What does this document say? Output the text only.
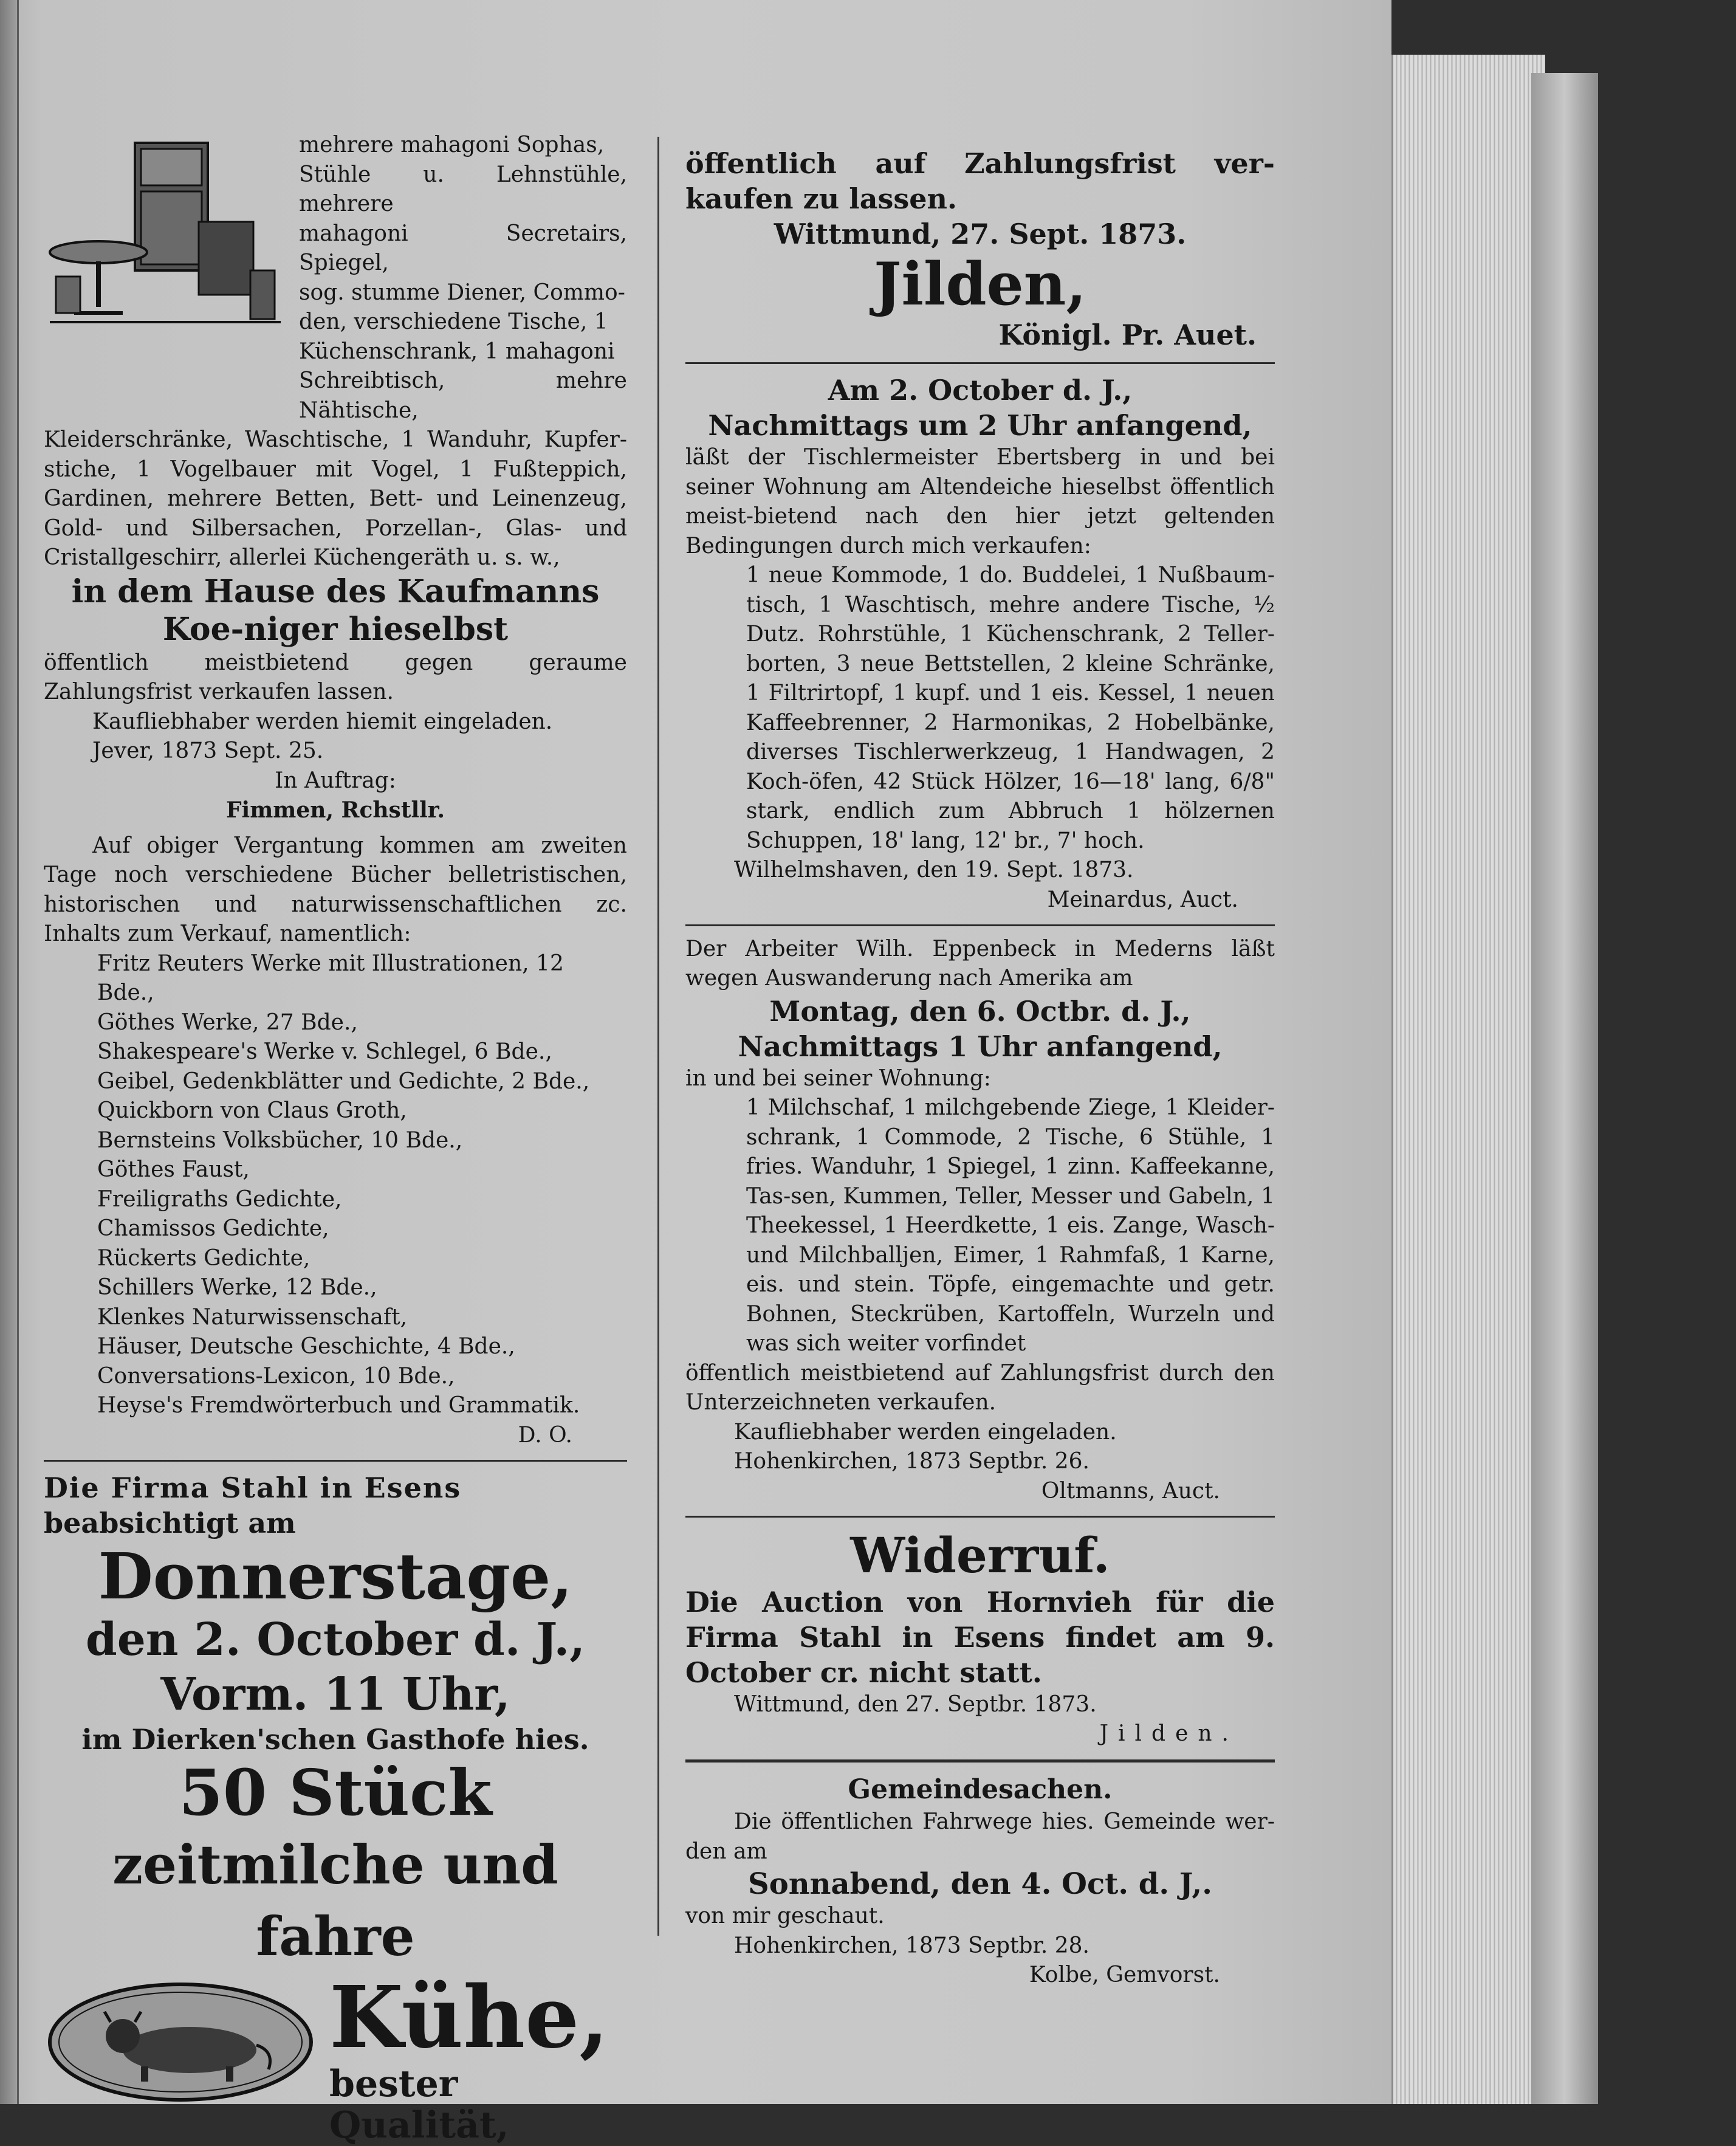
mehrere mahagoni Sophas,

Stühle u. Lehnstühle, mehrere

mahagoni Secretairs, Spiegel,

sog. stumme Diener, Commo-

den, verschiedene Tische, 1

Küchenschrank, 1 mahagoni

Schreibtisch, mehre Nähtische,

Kleiderschränke, Waschtische, 1 Wanduhr, Kupfer-stiche, 1 Vogelbauer mit Vogel, 1 Fußteppich, Gardinen, mehrere Betten, Bett- und Leinenzeug, Gold- und Silbersachen, Porzellan-, Glas- und Cristallgeschirr, allerlei Küchengeräth u. s. w.,

in dem Hause des Kaufmanns Koe-niger hieselbst

öffentlich meistbietend gegen geraume Zahlungsfrist verkaufen lassen.

Kaufliebhaber werden hiemit eingeladen.

Jever, 1873 Sept. 25.

In Auftrag:

Fimmen, Rchstllr.

Auf obiger Vergantung kommen am zweiten Tage noch verschiedene Bücher belletristischen, historischen und naturwissenschaftlichen zc. Inhalts zum Verkauf, namentlich:

Fritz Reuters Werke mit Illustrationen, 12 Bde.,

Göthes Werke, 27 Bde.,

Shakespeare's Werke v. Schlegel, 6 Bde.,

Geibel, Gedenkblätter und Gedichte, 2 Bde.,

Quickborn von Claus Groth,

Bernsteins Volksbücher, 10 Bde.,

Göthes Faust,

Freiligraths Gedichte,

Chamissos Gedichte,

Rückerts Gedichte,

Schillers Werke, 12 Bde.,

Klenkes Naturwissenschaft,

Häuser, Deutsche Geschichte, 4 Bde.,

Conversations-Lexicon, 10 Bde.,

Heyse's Fremdwörterbuch und Grammatik.

D. O.

Die Firma Stahl in Esens

beabsichtigt am

Donnerstage,

den 2. October d. J.,

Vorm. 11 Uhr,

im Dierken'schen Gasthofe hies.

50 Stück

zeitmilche und fahre

Kühe,

bester Qualität,

öffentlich auf Zahlungsfrist ver-kaufen zu lassen.

Wittmund, 27. Sept. 1873.

Jilden,

Königl. Pr. Auet.

Am 2. October d. J.,

Nachmittags um 2 Uhr anfangend,

läßt der Tischlermeister Ebertsberg in und bei seiner Wohnung am Altendeiche hieselbst öffentlich meist-bietend nach den hier jetzt geltenden Bedingungen durch mich verkaufen:

1 neue Kommode, 1 do. Buddelei, 1 Nußbaum-tisch, 1 Waschtisch, mehre andere Tische, ½ Dutz. Rohrstühle, 1 Küchenschrank, 2 Teller-borten, 3 neue Bettstellen, 2 kleine Schränke, 1 Filtrirtopf, 1 kupf. und 1 eis. Kessel, 1 neuen Kaffeebrenner, 2 Harmonikas, 2 Hobelbänke, diverses Tischlerwerkzeug, 1 Handwagen, 2 Koch-öfen, 42 Stück Hölzer, 16—18' lang, 6/8" stark, endlich zum Abbruch 1 hölzernen Schuppen, 18' lang, 12' br., 7' hoch.

Wilhelmshaven, den 19. Sept. 1873.

Meinardus, Auct.

Der Arbeiter Wilh. Eppenbeck in Mederns läßt wegen Auswanderung nach Amerika am

Montag, den 6. Octbr. d. J.,

Nachmittags 1 Uhr anfangend,

in und bei seiner Wohnung:

1 Milchschaf, 1 milchgebende Ziege, 1 Kleider-schrank, 1 Commode, 2 Tische, 6 Stühle, 1 fries. Wanduhr, 1 Spiegel, 1 zinn. Kaffeekanne, Tas-sen, Kummen, Teller, Messer und Gabeln, 1 Theekessel, 1 Heerdkette, 1 eis. Zange, Wasch- und Milchballjen, Eimer, 1 Rahmfaß, 1 Karne, eis. und stein. Töpfe, eingemachte und getr. Bohnen, Steckrüben, Kartoffeln, Wurzeln und was sich weiter vorfindet

öffentlich meistbietend auf Zahlungsfrist durch den Unterzeichneten verkaufen.

Kaufliebhaber werden eingeladen.

Hohenkirchen, 1873 Septbr. 26.

Oltmanns, Auct.

Widerruf.

Die Auction von Hornvieh für die Firma Stahl in Esens findet am 9. October cr. nicht statt.

Wittmund, den 27. Septbr. 1873.

Jilden.

Gemeindesachen.

Die öffentlichen Fahrwege hies. Gemeinde wer-den am

Sonnabend, den 4. Oct. d. J,.

von mir geschaut.

Hohenkirchen, 1873 Septbr. 28.

Kolbe, Gemvorst.
